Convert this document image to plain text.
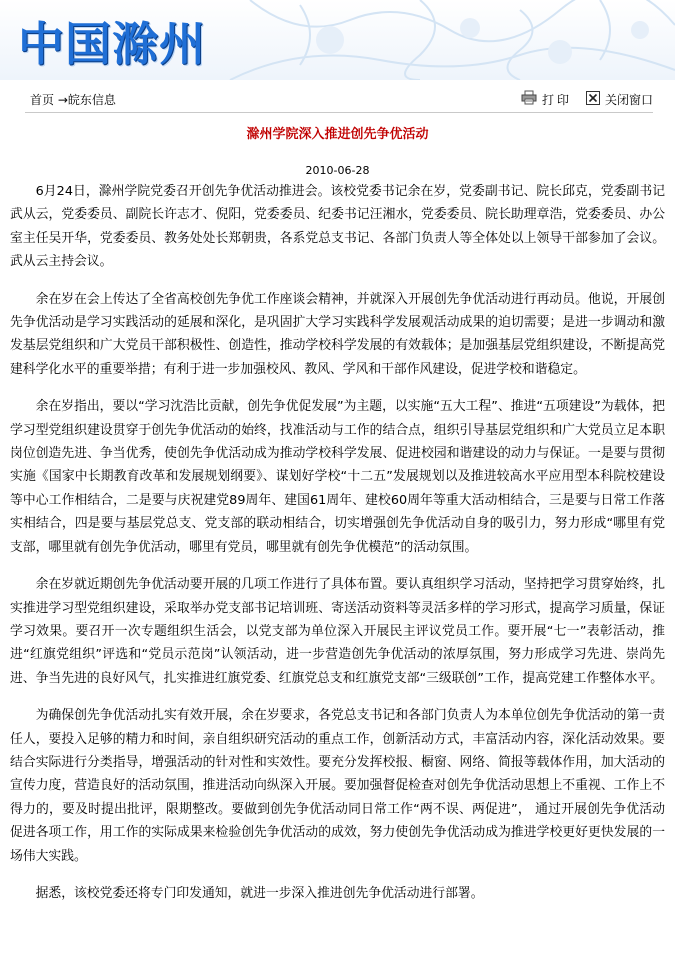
中国滁州
首页 →皖东信息	打印	关闭窗口
滁州学院深入推进创先争优活动
2010-06-28

6月24日，滁州学院党委召开创先争优活动推进会。该校党委书记余在岁，党委副书记、院长邱克，党委副书记武从云，党委委员、副院长许志才、倪阳，党委委员、纪委书记汪湘水，党委委员、院长助理章浩，党委委员、办公室主任吴开华，党委委员、教务处处长郑朝贵，各系党总支书记、各部门负责人等全体处以上领导干部参加了会议。武从云主持会议。

余在岁在会上传达了全省高校创先争优工作座谈会精神，并就深入开展创先争优活动进行再动员。他说，开展创先争优活动是学习实践活动的延展和深化，是巩固扩大学习实践科学发展观活动成果的迫切需要；是进一步调动和激发基层党组织和广大党员干部积极性、创造性，推动学校科学发展的有效载体；是加强基层党组织建设，不断提高党建科学化水平的重要举措；有利于进一步加强校风、教风、学风和干部作风建设，促进学校和谐稳定。

余在岁指出，要以“学习沈浩比贡献，创先争优促发展”为主题，以实施“五大工程”、推进“五项建设”为载体，把学习型党组织建设贯穿于创先争优活动的始终，找准活动与工作的结合点，组织引导基层党组织和广大党员立足本职岗位创造先进、争当优秀，使创先争优活动成为推动学校科学发展、促进校园和谐建设的动力与保证。一是要与贯彻实施《国家中长期教育改革和发展规划纲要》、谋划好学校“十二五”发展规划以及推进较高水平应用型本科院校建设等中心工作相结合，二是要与庆祝建党89周年、建国61周年、建校60周年等重大活动相结合，三是要与日常工作落实相结合，四是要与基层党总支、党支部的联动相结合，切实增强创先争优活动自身的吸引力，努力形成“哪里有党支部，哪里就有创先争优活动，哪里有党员，哪里就有创先争优模范”的活动氛围。

余在岁就近期创先争优活动要开展的几项工作进行了具体布置。要认真组织学习活动，坚持把学习贯穿始终，扎实推进学习型党组织建设，采取举办党支部书记培训班、寄送活动资料等灵活多样的学习形式，提高学习质量，保证学习效果。要召开一次专题组织生活会，以党支部为单位深入开展民主评议党员工作。要开展“七一”表彰活动，推进“红旗党组织”评选和“党员示范岗”认领活动，进一步营造创先争优活动的浓厚氛围，努力形成学习先进、崇尚先进、争当先进的良好风气，扎实推进红旗党委、红旗党总支和红旗党支部“三级联创”工作，提高党建工作整体水平。

为确保创先争优活动扎实有效开展，余在岁要求，各党总支书记和各部门负责人为本单位创先争优活动的第一责任人，要投入足够的精力和时间，亲自组织研究活动的重点工作，创新活动方式，丰富活动内容，深化活动效果。要结合实际进行分类指导，增强活动的针对性和实效性。要充分发挥校报、橱窗、网络、简报等载体作用，加大活动的宣传力度，营造良好的活动氛围，推进活动向纵深入开展。要加强督促检查对创先争优活动思想上不重视、工作上不得力的，要及时提出批评，限期整改。要做到创先争优活动同日常工作“两不误、两促进”， 通过开展创先争优活动促进各项工作，用工作的实际成果来检验创先争优活动的成效，努力使创先争优活动成为推进学校更好更快发展的一场伟大实践。

据悉，该校党委还将专门印发通知，就进一步深入推进创先争优活动进行部署。
